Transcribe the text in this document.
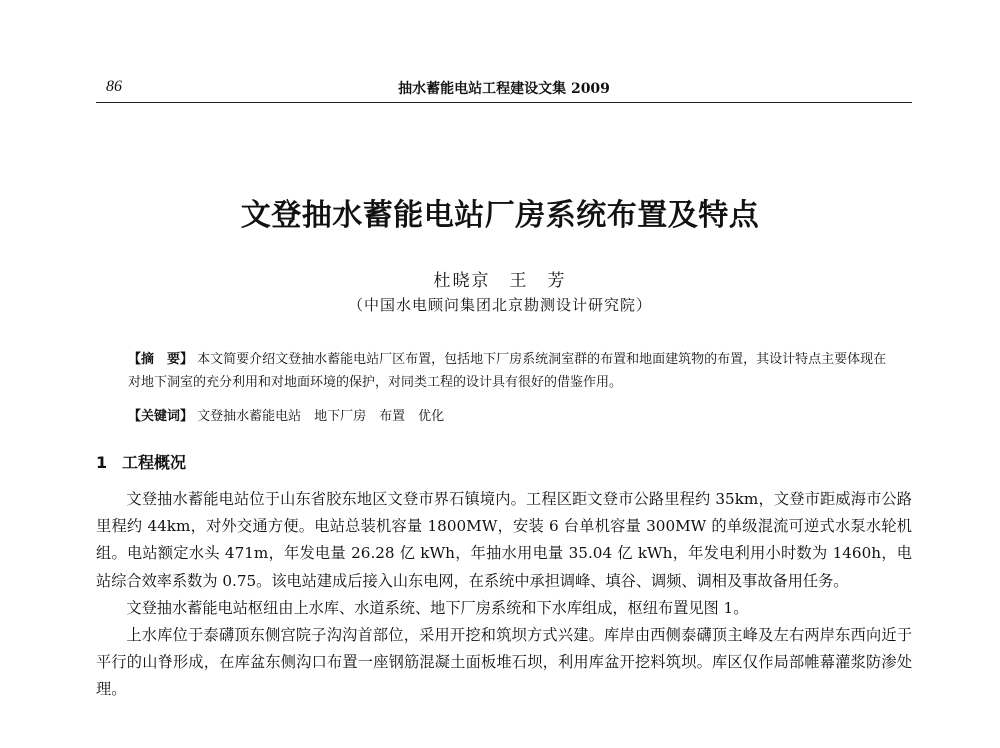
86	抽水蓄能电站工程建设文集 2009
文登抽水蓄能电站厂房系统布置及特点
杜晓京　王　芳
（中国水电顾问集团北京勘测设计研究院）
【摘　要】 本文简要介绍文登抽水蓄能电站厂区布置，包括地下厂房系统洞室群的布置和地面建筑物的布置，其设计特点主要体现在对地下洞室的充分利用和对地面环境的保护，对同类工程的设计具有很好的借鉴作用。
【关键词】 文登抽水蓄能电站　地下厂房　布置　优化
1 工程概况

文登抽水蓄能电站位于山东省胶东地区文登市界石镇境内。工程区距文登市公路里程约 35km，文登市距威海市公路里程约 44km，对外交通方便。电站总装机容量 1800MW，安装 6 台单机容量 300MW 的单级混流可逆式水泵水轮机组。电站额定水头 471m，年发电量 26.28 亿 kWh，年抽水用电量 35.04 亿 kWh，年发电利用小时数为 1460h，电站综合效率系数为 0.75。该电站建成后接入山东电网，在系统中承担调峰、填谷、调频、调相及事故备用任务。

文登抽水蓄能电站枢纽由上水库、水道系统、地下厂房系统和下水库组成，枢纽布置见图 1。

上水库位于泰礴顶东侧宫院子沟沟首部位，采用开挖和筑坝方式兴建。库岸由西侧泰礴顶主峰及左右两岸东西向近于平行的山脊形成，在库盆东侧沟口布置一座钢筋混凝土面板堆石坝，利用库盆开挖料筑坝。库区仅作局部帷幕灌浆防渗处理。
